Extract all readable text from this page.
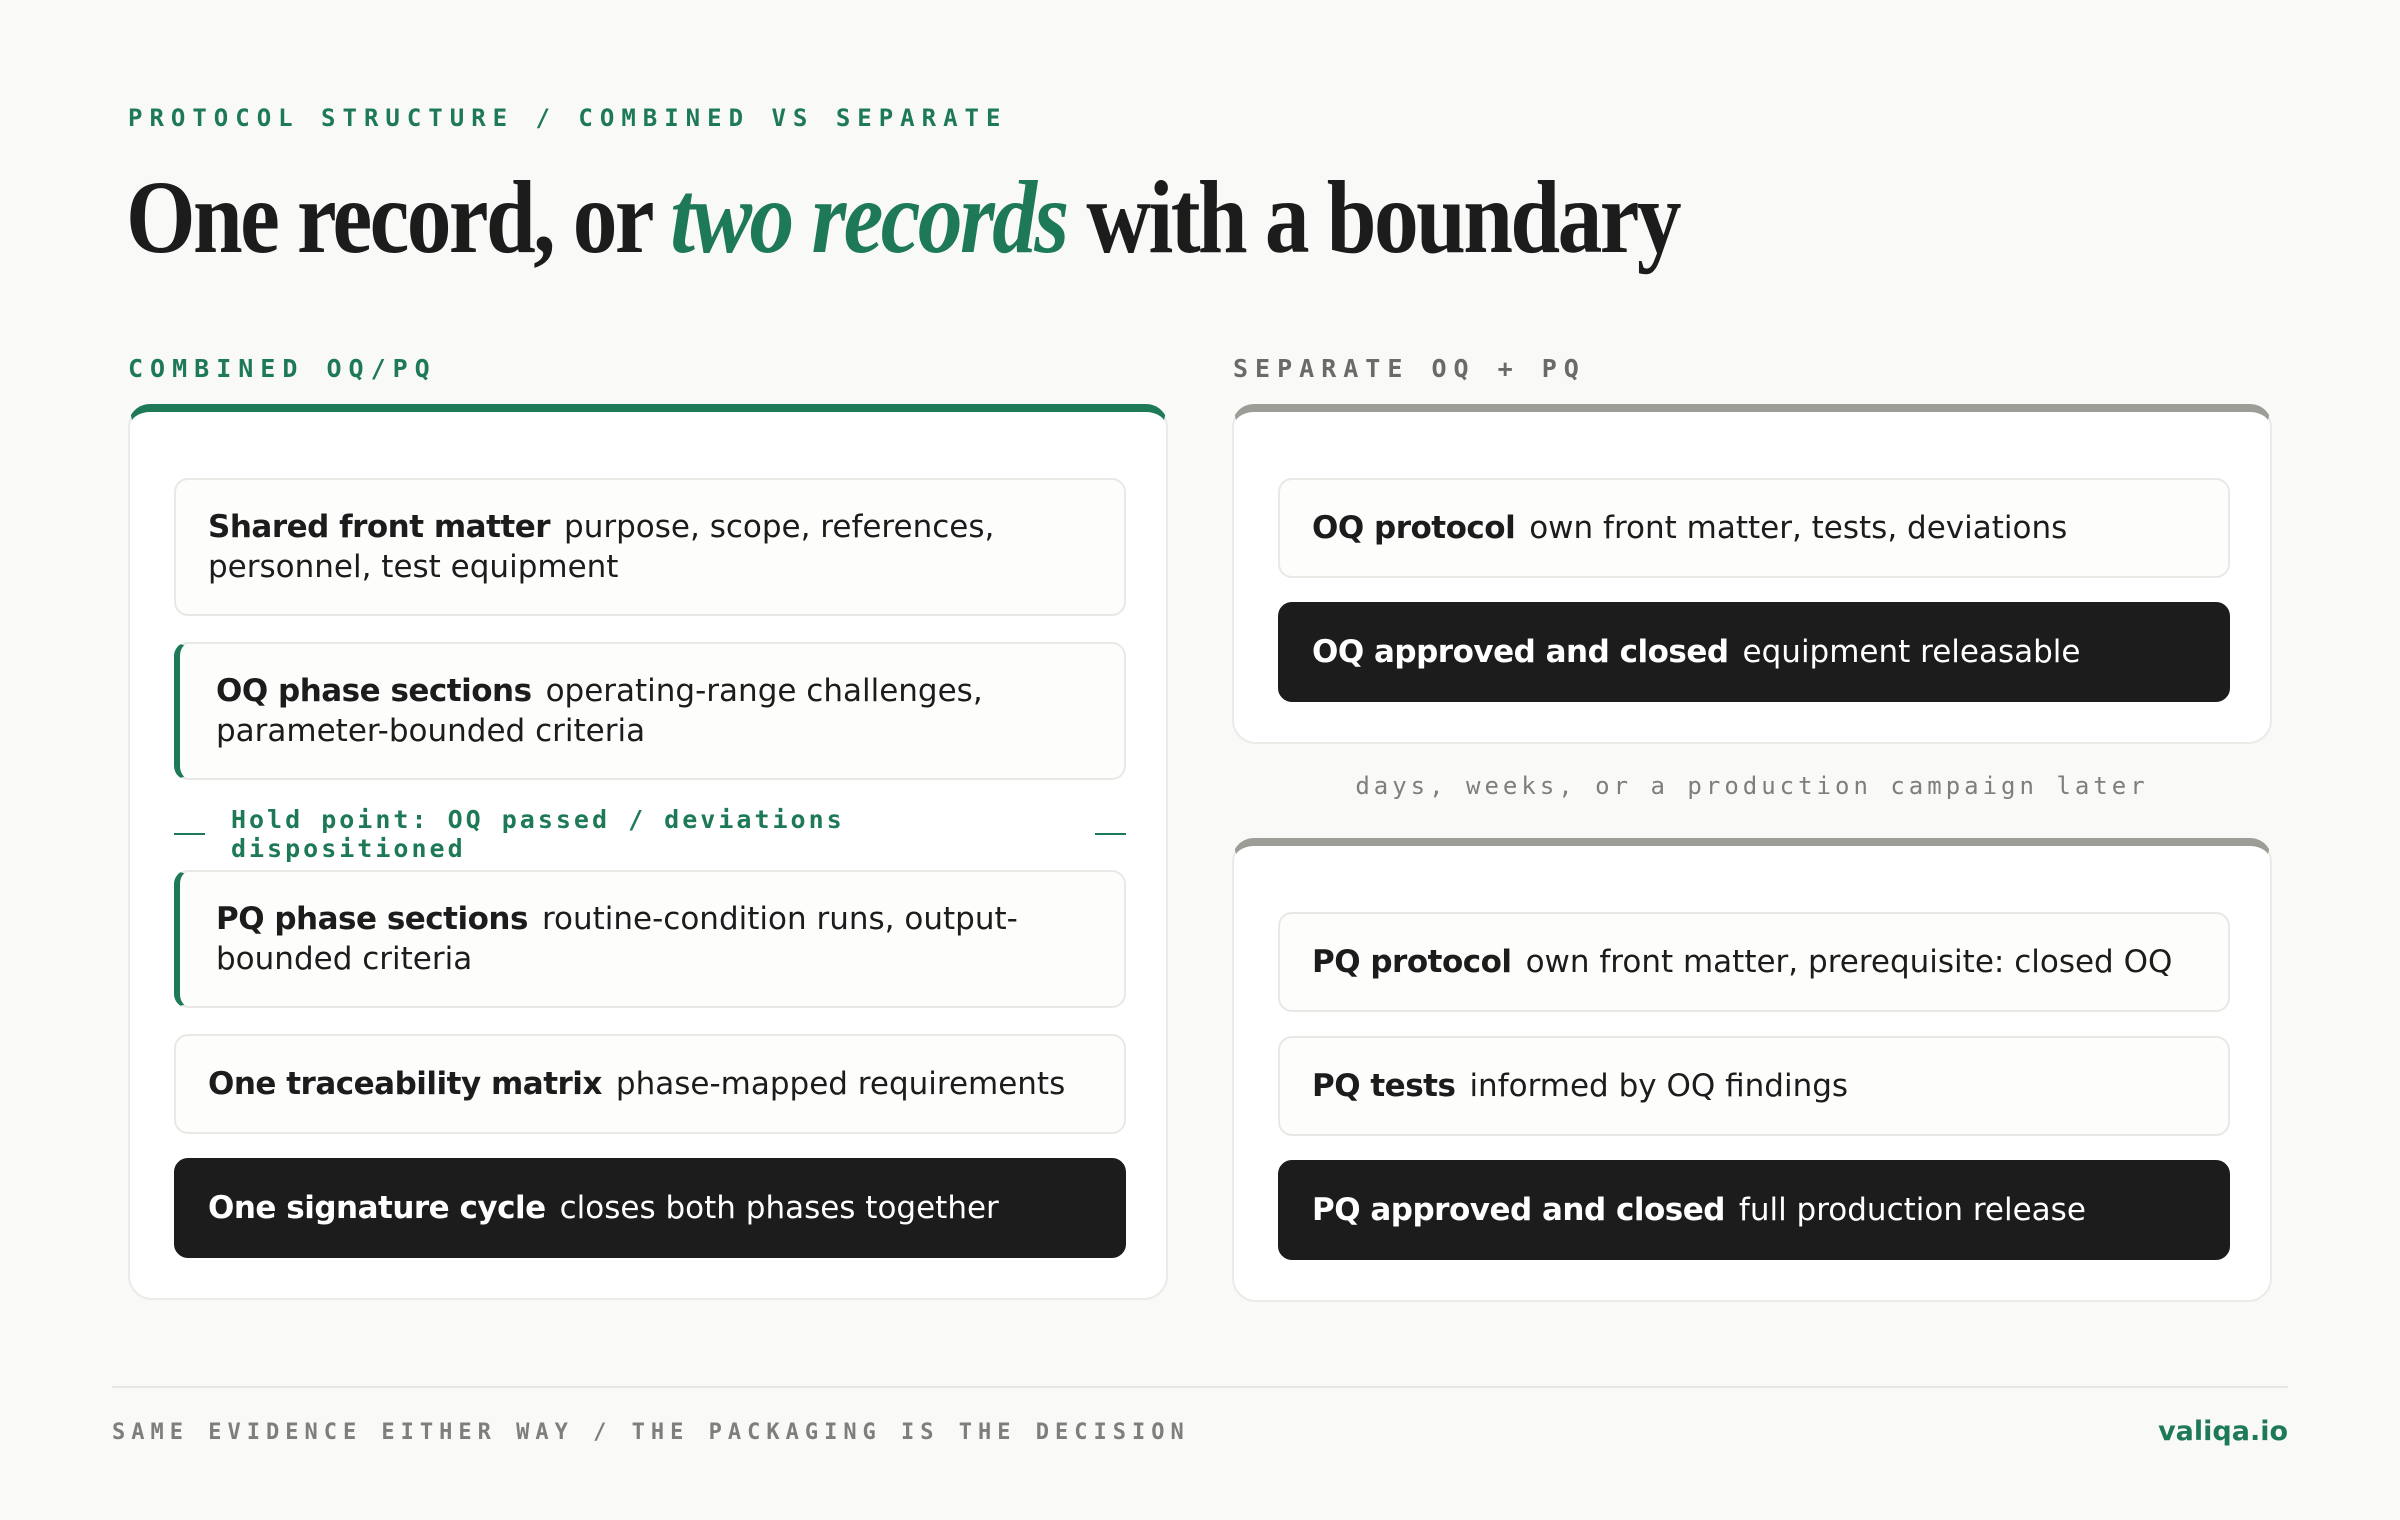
PROTOCOL STRUCTURE / COMBINED VS SEPARATE
One record, or two records with a boundary
COMBINED OQ/PQ	SEPARATE OQ + PQ
Shared front matter purpose, scope, references, personnel, test equipment
OQ phase sections operating-range challenges, parameter-bounded criteria
Hold point: OQ passed / deviations dispositioned
PQ phase sections routine-condition runs, output-bounded criteria
One traceability matrix phase-mapped requirements
One signature cycle closes both phases together
OQ protocol own front matter, tests, deviations
OQ approved and closed equipment releasable
days, weeks, or a production campaign later
PQ protocol own front matter, prerequisite: closed OQ
PQ tests informed by OQ findings
PQ approved and closed full production release
SAME EVIDENCE EITHER WAY / THE PACKAGING IS THE DECISION	valiqa.io
